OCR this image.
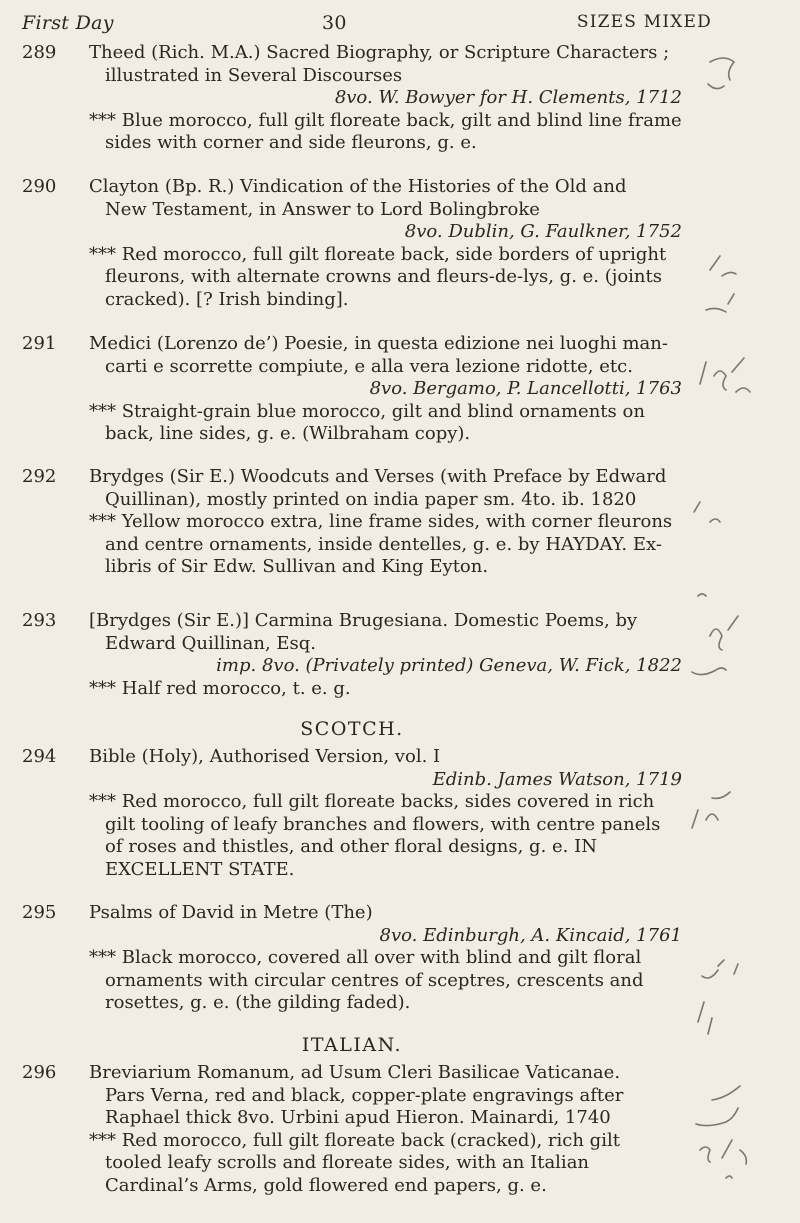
First Day	30	SIZES MIXED
289	Theed (Rich. M.A.) Sacred Biography, or Scripture Characters ;
illustrated in Several Discourses
8vo. W. Bowyer for H. Clements, 1712
*** Blue morocco, full gilt floreate back, gilt and blind line frame sides with corner and side fleurons, g. e.
290	Clayton (Bp. R.) Vindication of the Histories of the Old and
New Testament, in Answer to Lord Bolingbroke
8vo. Dublin, G. Faulkner, 1752
*** Red morocco, full gilt floreate back, side borders of upright fleurons, with alternate crowns and fleurs-de-lys, g. e. (joints cracked). [? Irish binding].
291	Medici (Lorenzo de’) Poesie, in questa edizione nei luoghi man-
carti e scorrette compiute, e alla vera lezione ridotte, etc.
8vo. Bergamo, P. Lancellotti, 1763
*** Straight-grain blue morocco, gilt and blind ornaments on back, line sides, g. e. (Wilbraham copy).
292	Brydges (Sir E.) Woodcuts and Verses (with Preface by Edward
Quillinan), mostly printed on india paper sm. 4to. ib. 1820
*** Yellow morocco extra, line frame sides, with corner fleurons and centre ornaments, inside dentelles, g. e. by HAYDAY. Ex-libris of Sir Edw. Sullivan and King Eyton.
293	[Brydges (Sir E.)] Carmina Brugesiana. Domestic Poems, by
Edward Quillinan, Esq.
imp. 8vo. (Privately printed) Geneva, W. Fick, 1822
*** Half red morocco, t. e. g.
SCOTCH.
294	Bible (Holy), Authorised Version, vol. I
Edinb. James Watson, 1719
*** Red morocco, full gilt floreate backs, sides covered in rich gilt tooling of leafy branches and flowers, with centre panels of roses and thistles, and other floral designs, g. e. IN EXCELLENT STATE.
295	Psalms of David in Metre (The)
8vo. Edinburgh, A. Kincaid, 1761
*** Black morocco, covered all over with blind and gilt floral ornaments with circular centres of sceptres, crescents and rosettes, g. e. (the gilding faded).
ITALIAN.
296	Breviarium Romanum, ad Usum Cleri Basilicae Vaticanae.
Pars Verna, red and black, copper-plate engravings after Raphael thick 8vo. Urbini apud Hieron. Mainardi, 1740
*** Red morocco, full gilt floreate back (cracked), rich gilt tooled leafy scrolls and floreate sides, with an Italian Cardinal’s Arms, gold flowered end papers, g. e.
